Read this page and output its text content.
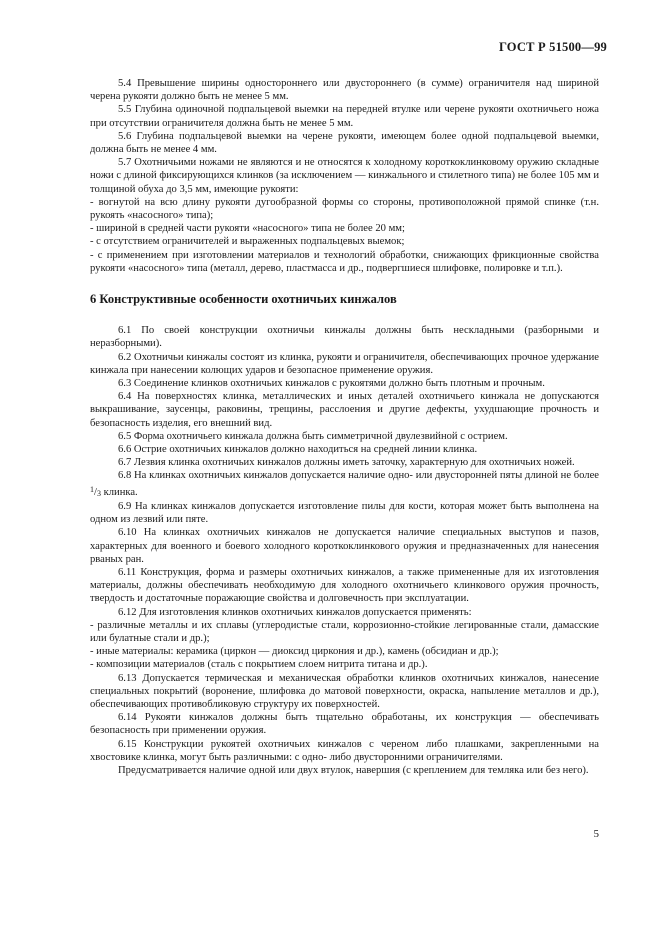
ГОСТ Р 51500—99

5.4 Превышение ширины одностороннего или двустороннего (в сумме) ограничителя над шириной черена рукояти должно быть не менее 5 мм.

5.5 Глубина одиночной подпальцевой выемки на передней втулке или черене рукояти охотничьего ножа при отсутствии ограничителя должна быть не менее 5 мм.

5.6 Глубина подпальцевой выемки на черене рукояти, имеющем более одной подпальцевой выемки, должна быть не менее 4 мм.

5.7 Охотничьими ножами не являются и не относятся к холодному короткоклинковому оружию складные ножи с длиной фиксирующихся клинков (за исключением — кинжального и стилетного типа) не более 105 мм и толщиной обуха до 3,5 мм, имеющие рукояти:

- вогнутой на всю длину рукояти дугообразной формы со стороны, противоположной прямой спинке (т.н. рукоять «насосного» типа);

- шириной в средней части рукояти «насосного» типа не более 20 мм;

- с отсутствием ограничителей и выраженных подпальцевых выемок;

- с применением при изготовлении материалов и технологий обработки, снижающих фрикционные свойства рукояти «насосного» типа (металл, дерево, пластмасса и др., подвергшиеся шлифовке, полировке и т.п.).

6 Конструктивные особенности охотничьих кинжалов

6.1 По своей конструкции охотничьи кинжалы должны быть нескладными (разборными и неразборными).

6.2 Охотничьи кинжалы состоят из клинка, рукояти и ограничителя, обеспечивающих прочное удержание кинжала при нанесении колющих ударов и безопасное применение оружия.

6.3 Соединение клинков охотничьих кинжалов с рукоятями должно быть плотным и прочным.

6.4 На поверхностях клинка, металлических и иных деталей охотничьего кинжала не допускаются выкрашивание, заусенцы, раковины, трещины, расслоения и другие дефекты, ухудшающие прочность и безопасность изделия, его внешний вид.

6.5 Форма охотничьего кинжала должна быть симметричной двулезвийной с острием.

6.6 Острие охотничьих кинжалов должно находиться на средней линии клинка.

6.7 Лезвия клинка охотничьих кинжалов должны иметь заточку, характерную для охотничьих ножей.

6.8 На клинках охотничьих кинжалов допускается наличие одно- или двусторонней пяты длиной не более $^1/_3$ клинка.

6.9 На клинках кинжалов допускается изготовление пилы для кости, которая может быть выполнена на одном из лезвий или пяте.

6.10 На клинках охотничьих кинжалов не допускается наличие специальных выступов и пазов, характерных для военного и боевого холодного короткоклинкового оружия и предназначенных для нанесения рваных ран.

6.11 Конструкция, форма и размеры охотничьих кинжалов, а также примененные для их изготовления материалы, должны обеспечивать необходимую для холодного охотничьего клинкового оружия прочность, твердость и достаточные поражающие свойства и долговечность при эксплуатации.

6.12 Для изготовления клинков охотничьих кинжалов допускается применять:

- различные металлы и их сплавы (углеродистые стали, коррозионно-стойкие легированные стали, дамасские или булатные стали и др.);

- иные материалы: керамика (циркон — диоксид циркония и др.), камень (обсидиан и др.);

- композиции материалов (сталь с покрытием слоем нитрита титана и др.).

6.13 Допускается термическая и механическая обработки клинков охотничьих кинжалов, нанесение специальных покрытий (воронение, шлифовка до матовой поверхности, окраска, напыление металлов и др.), обеспечивающих противобликовую структуру их поверхностей.

6.14 Рукояти кинжалов должны быть тщательно обработаны, их конструкция — обеспечивать безопасность при применении оружия.

6.15 Конструкции рукоятей охотничьих кинжалов с череном либо плашками, закрепленными на хвостовике клинка, могут быть различными: с одно- либо двусторонними ограничителями.

Предусматривается наличие одной или двух втулок, навершия (с креплением для темляка или без него).

5
